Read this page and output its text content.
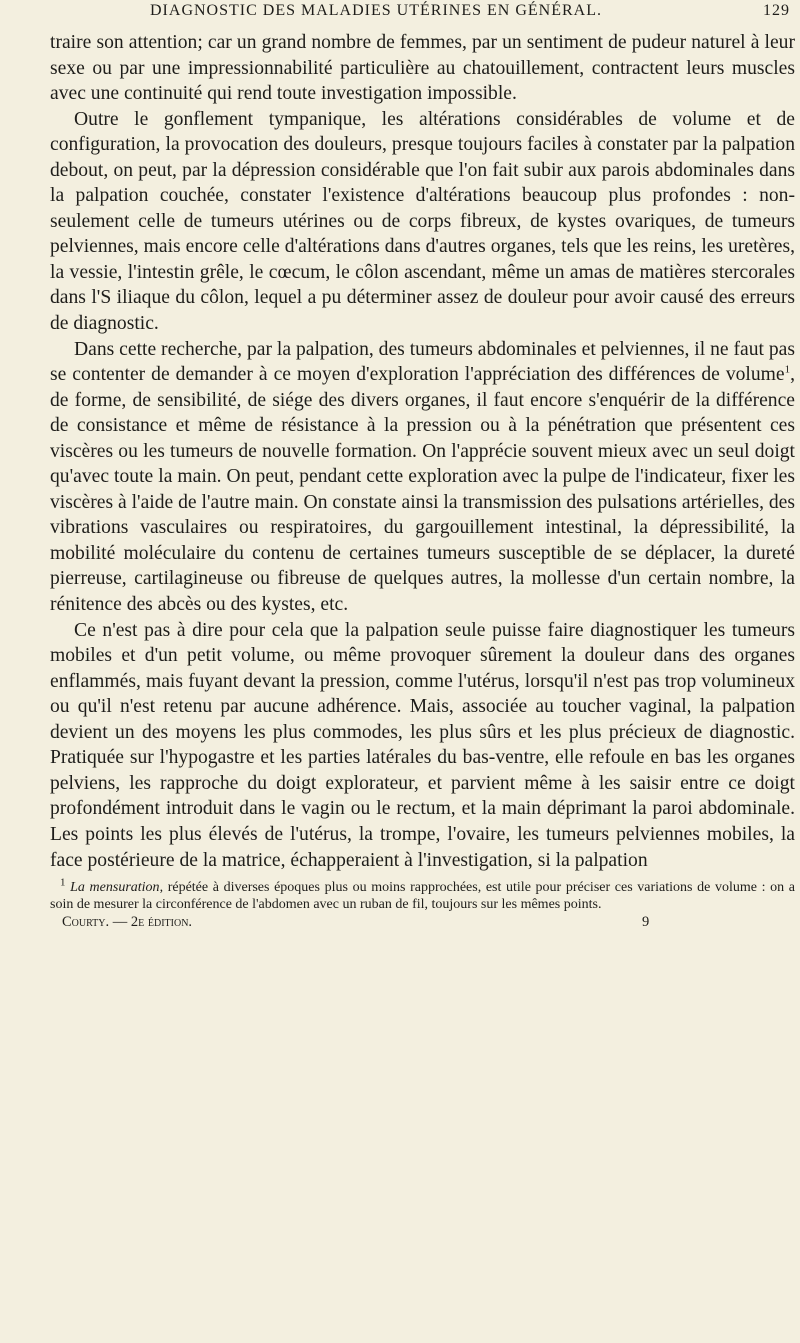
DIAGNOSTIC DES MALADIES UTÉRINES EN GÉNÉRAL.	129

traire son attention; car un grand nombre de femmes, par un sentiment de pudeur naturel à leur sexe ou par une impressionnabilité particulière au chatouillement, contractent leurs muscles avec une continuité qui rend toute investigation impossible.

Outre le gonflement tympanique, les altérations considérables de volume et de configuration, la provocation des douleurs, presque toujours faciles à constater par la palpation debout, on peut, par la dépression considérable que l'on fait subir aux parois abdominales dans la palpation couchée, constater l'existence d'altérations beaucoup plus profondes : non-seulement celle de tumeurs utérines ou de corps fibreux, de kystes ovariques, de tumeurs pelviennes, mais encore celle d'altérations dans d'autres organes, tels que les reins, les uretères, la vessie, l'intestin grêle, le cœcum, le côlon ascendant, même un amas de matières stercorales dans l'S iliaque du côlon, lequel a pu déterminer assez de douleur pour avoir causé des erreurs de diagnostic.

Dans cette recherche, par la palpation, des tumeurs abdominales et pelviennes, il ne faut pas se contenter de demander à ce moyen d'exploration l'appréciation des différences de volume$^1$, de forme, de sensibilité, de siége des divers organes, il faut encore s'enquérir de la différence de consistance et même de résistance à la pression ou à la pénétration que présentent ces viscères ou les tumeurs de nouvelle formation. On l'apprécie souvent mieux avec un seul doigt qu'avec toute la main. On peut, pendant cette exploration avec la pulpe de l'indicateur, fixer les viscères à l'aide de l'autre main. On constate ainsi la transmission des pulsations artérielles, des vibrations vasculaires ou respiratoires, du gargouillement intestinal, la dépressibilité, la mobilité moléculaire du contenu de certaines tumeurs susceptible de se déplacer, la dureté pierreuse, cartilagineuse ou fibreuse de quelques autres, la mollesse d'un certain nombre, la rénitence des abcès ou des kystes, etc.

Ce n'est pas à dire pour cela que la palpation seule puisse faire diagnostiquer les tumeurs mobiles et d'un petit volume, ou même provoquer sûrement la douleur dans des organes enflammés, mais fuyant devant la pression, comme l'utérus, lorsqu'il n'est pas trop volumineux ou qu'il n'est retenu par aucune adhérence. Mais, associée au toucher vaginal, la palpation devient un des moyens les plus commodes, les plus sûrs et les plus précieux de diagnostic. Pratiquée sur l'hypogastre et les parties latérales du bas-ventre, elle refoule en bas les organes pelviens, les rapproche du doigt explorateur, et parvient même à les saisir entre ce doigt profondément introduit dans le vagin ou le rectum, et la main déprimant la paroi abdominale. Les points les plus élevés de l'utérus, la trompe, l'ovaire, les tumeurs pelviennes mobiles, la face postérieure de la matrice, échapperaient à l'investigation, si la palpation

$^1$ La mensuration, répétée à diverses époques plus ou moins rapprochées, est utile pour préciser ces variations de volume : on a soin de mesurer la circonférence de l'abdomen avec un ruban de fil, toujours sur les mêmes points.

Courty. — 2e édition.	9
